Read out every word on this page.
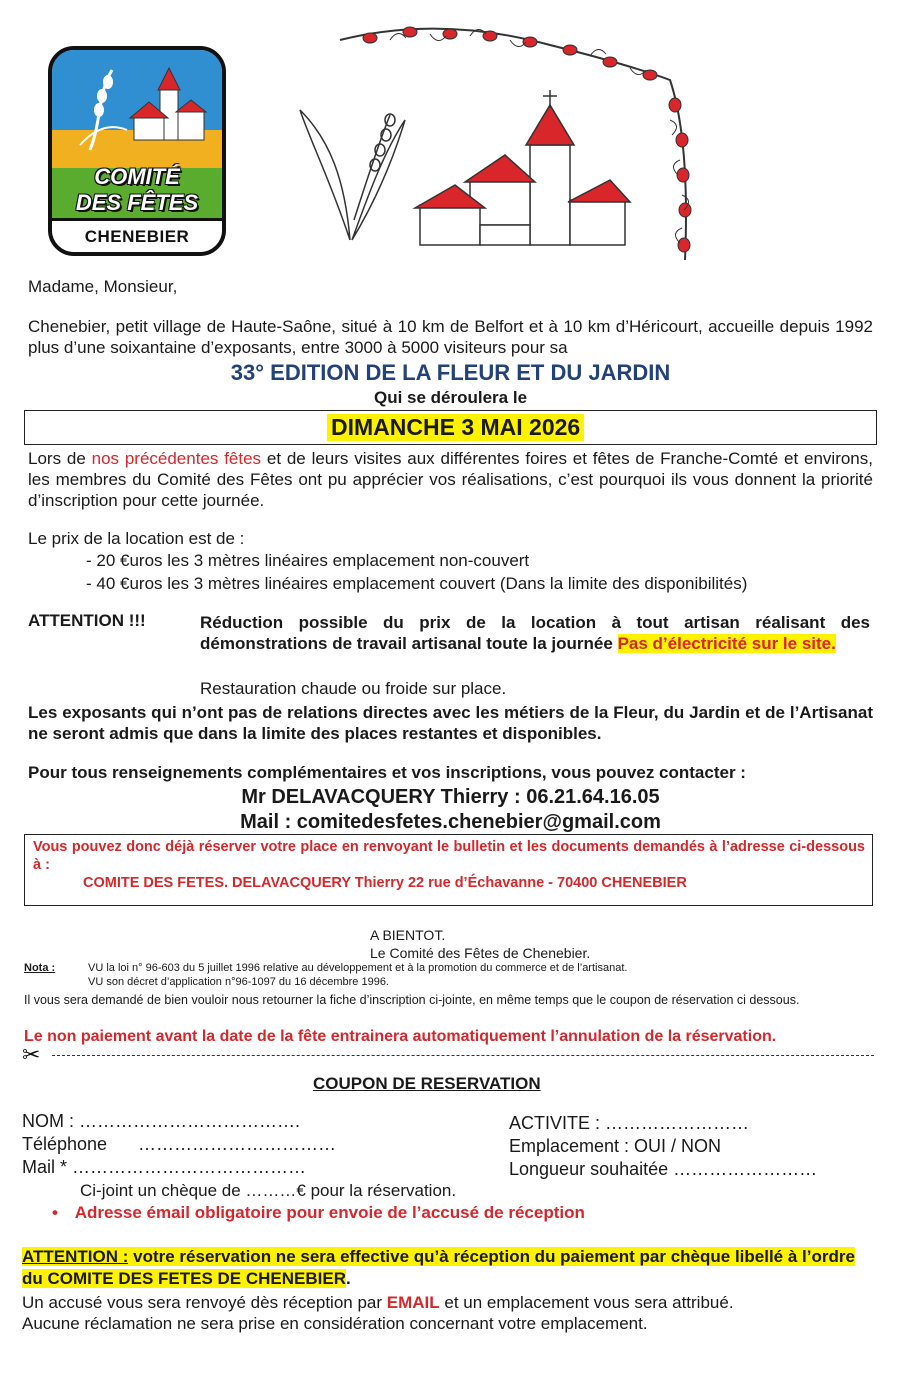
COMITÉ
DES FÊTES
CHENEBIER
Madame, Monsieur,
Chenebier, petit village de Haute-Saône, situé à 10 km de Belfort et à 10 km d’Héricourt, accueille depuis 1992 plus d’une soixantaine d’exposants, entre 3000 à 5000 visiteurs pour sa
33° EDITION DE LA FLEUR ET DU JARDIN
Qui se déroulera le
DIMANCHE 3 MAI 2026
Lors de nos précédentes fêtes et de leurs visites aux différentes foires et fêtes de Franche-Comté et environs, les membres du Comité des Fêtes ont pu apprécier vos réalisations, c’est pourquoi ils vous donnent la priorité d’inscription pour cette journée.
Le prix de la location est de :
- 20 €uros les 3 mètres linéaires emplacement non-couvert
- 40 €uros les 3 mètres linéaires emplacement couvert (Dans la limite des disponibilités)
ATTENTION !!!	Réduction possible du prix de la location à tout artisan réalisant des démonstrations de travail artisanal toute la journée Pas d’électricité sur le site.
Restauration chaude ou froide sur place.
Les exposants qui n’ont pas de relations directes avec les métiers de la Fleur, du Jardin et de l’Artisanat ne seront admis que dans la limite des places restantes et disponibles.
Pour tous renseignements complémentaires et vos inscriptions, vous pouvez contacter :
Mr DELAVACQUERY Thierry : 06.21.64.16.05
Mail : comitedesfetes.chenebier@gmail.com
Vous pouvez donc déjà réserver votre place en renvoyant le bulletin et les documents demandés à l’adresse ci-dessous à :
COMITE DES FETES. DELAVACQUERY Thierry 22 rue d’Échavanne - 70400 CHENEBIER
A BIENTOT.
Le Comité des Fêtes de Chenebier.
Nota :	VU la loi n° 96-603 du 5 juillet 1996 relative au développement et à la promotion du commerce et de l’artisanat.
VU son décret d’application n°96-1097 du 16 décembre 1996.
Il vous sera demandé de bien vouloir nous retourner la fiche d’inscription ci-jointe, en même temps que le coupon de réservation ci dessous.
Le non paiement avant la date de la fête entrainera automatiquement l’annulation de la réservation.
✂
COUPON DE RESERVATION
NOM : ……………………………….
Téléphone ……………………………
Mail * …………………………………
ACTIVITE : ……………………
Emplacement : OUI / NON
Longueur souhaitée ……………………
Ci-joint un chèque de ………€ pour la réservation.
• Adresse émail obligatoire pour envoie de l’accusé de réception
ATTENTION : votre réservation ne sera effective qu’à réception du paiement par chèque libellé à l’ordre du COMITE DES FETES DE CHENEBIER.
Un accusé vous sera renvoyé dès réception par EMAIL et un emplacement vous sera attribué.
Aucune réclamation ne sera prise en considération concernant votre emplacement.
